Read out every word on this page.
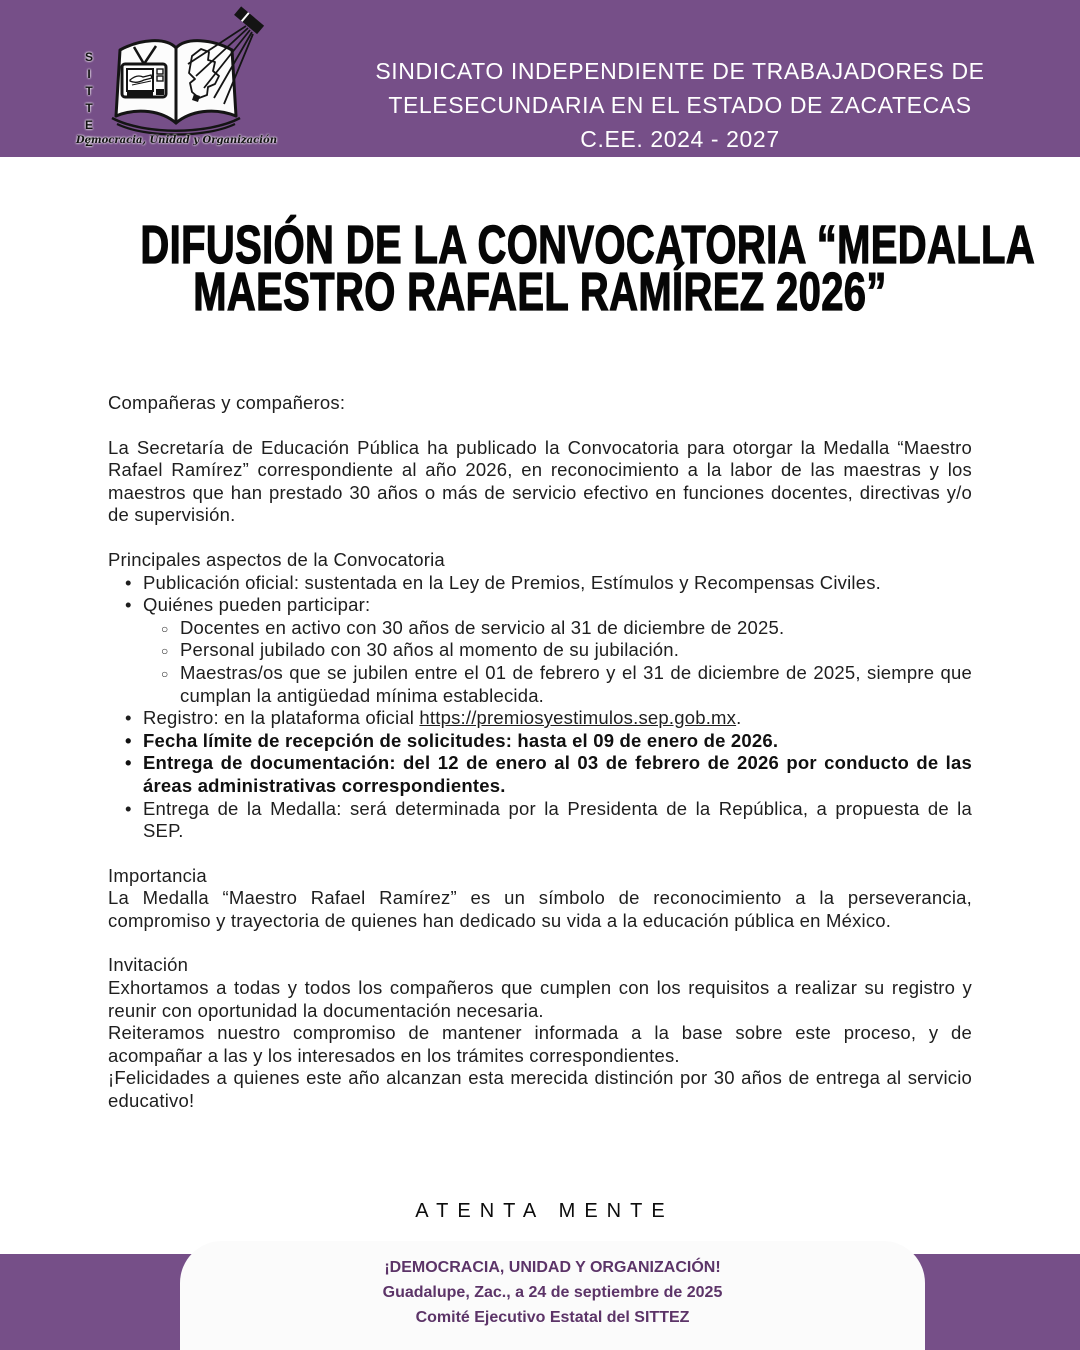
SITTEZ
Democracia, Unidad y Organización
SINDICATO INDEPENDIENTE DE TRABAJADORES DE
TELESECUNDARIA EN EL ESTADO DE ZACATECAS
C.EE. 2024 - 2027
DIFUSIÓN DE LA CONVOCATORIA “MEDALLA
MAESTRO RAFAEL RAMÍREZ 2026”

Compañeras y compañeros:

La Secretaría de Educación Pública ha publicado la Convocatoria para otorgar la Medalla “Maestro Rafael Ramírez” correspondiente al año 2026, en reconocimiento a la labor de las maestras y los maestros que han prestado 30 años o más de servicio efectivo en funciones docentes, directivas y/o de supervisión.

Principales aspectos de la Convocatoria

• Publicación oficial: sustentada en la Ley de Premios, Estímulos y Recompensas Civiles.
• Quiénes pueden participar:
○ Docentes en activo con 30 años de servicio al 31 de diciembre de 2025.
○ Personal jubilado con 30 años al momento de su jubilación.
○ Maestras/os que se jubilen entre el 01 de febrero y el 31 de diciembre de 2025, siempre que cumplan la antigüedad mínima establecida.
• Registro: en la plataforma oficial https://premiosyestimulos.sep.gob.mx.
• Fecha límite de recepción de solicitudes: hasta el 09 de enero de 2026.
• Entrega de documentación: del 12 de enero al 03 de febrero de 2026 por conducto de las áreas administrativas correspondientes.
• Entrega de la Medalla: será determinada por la Presidenta de la República, a propuesta de la SEP.

Importancia

La Medalla “Maestro Rafael Ramírez” es un símbolo de reconocimiento a la perseverancia, compromiso y trayectoria de quienes han dedicado su vida a la educación pública en México.

Invitación

Exhortamos a todas y todos los compañeros que cumplen con los requisitos a realizar su registro y reunir con oportunidad la documentación necesaria.

Reiteramos nuestro compromiso de mantener informada a la base sobre este proceso, y de acompañar a las y los interesados en los trámites correspondientes.

¡Felicidades a quienes este año alcanzan esta merecida distinción por 30 años de entrega al servicio educativo!

ATENTA MENTE
¡DEMOCRACIA, UNIDAD Y ORGANIZACIÓN!
Guadalupe, Zac., a 24 de septiembre de 2025
Comité Ejecutivo Estatal del SITTEZ
